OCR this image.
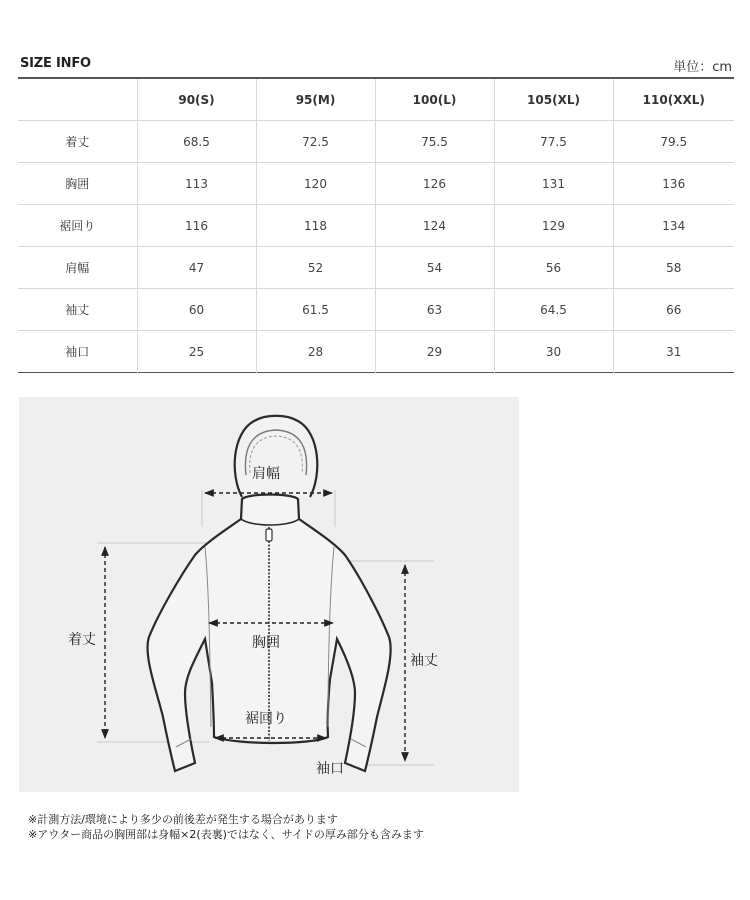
SIZE INFO	単位：cm
	90(S)	95(M)	100(L)	105(XL)	110(XXL)
着丈	68.5	72.5	75.5	77.5	79.5
胸囲	113	120	126	131	136
裾回り	116	118	124	129	134
肩幅	47	52	54	56	58
袖丈	60	61.5	63	64.5	66
袖口	25	28	29	30	31
肩幅
着丈	胸囲
裾回り
袖丈
袖口
※計測方法/環境により多少の前後差が発生する場合があります
※アウター商品の胸囲部は身幅×2(表裏)ではなく、サイドの厚み部分も含みます
